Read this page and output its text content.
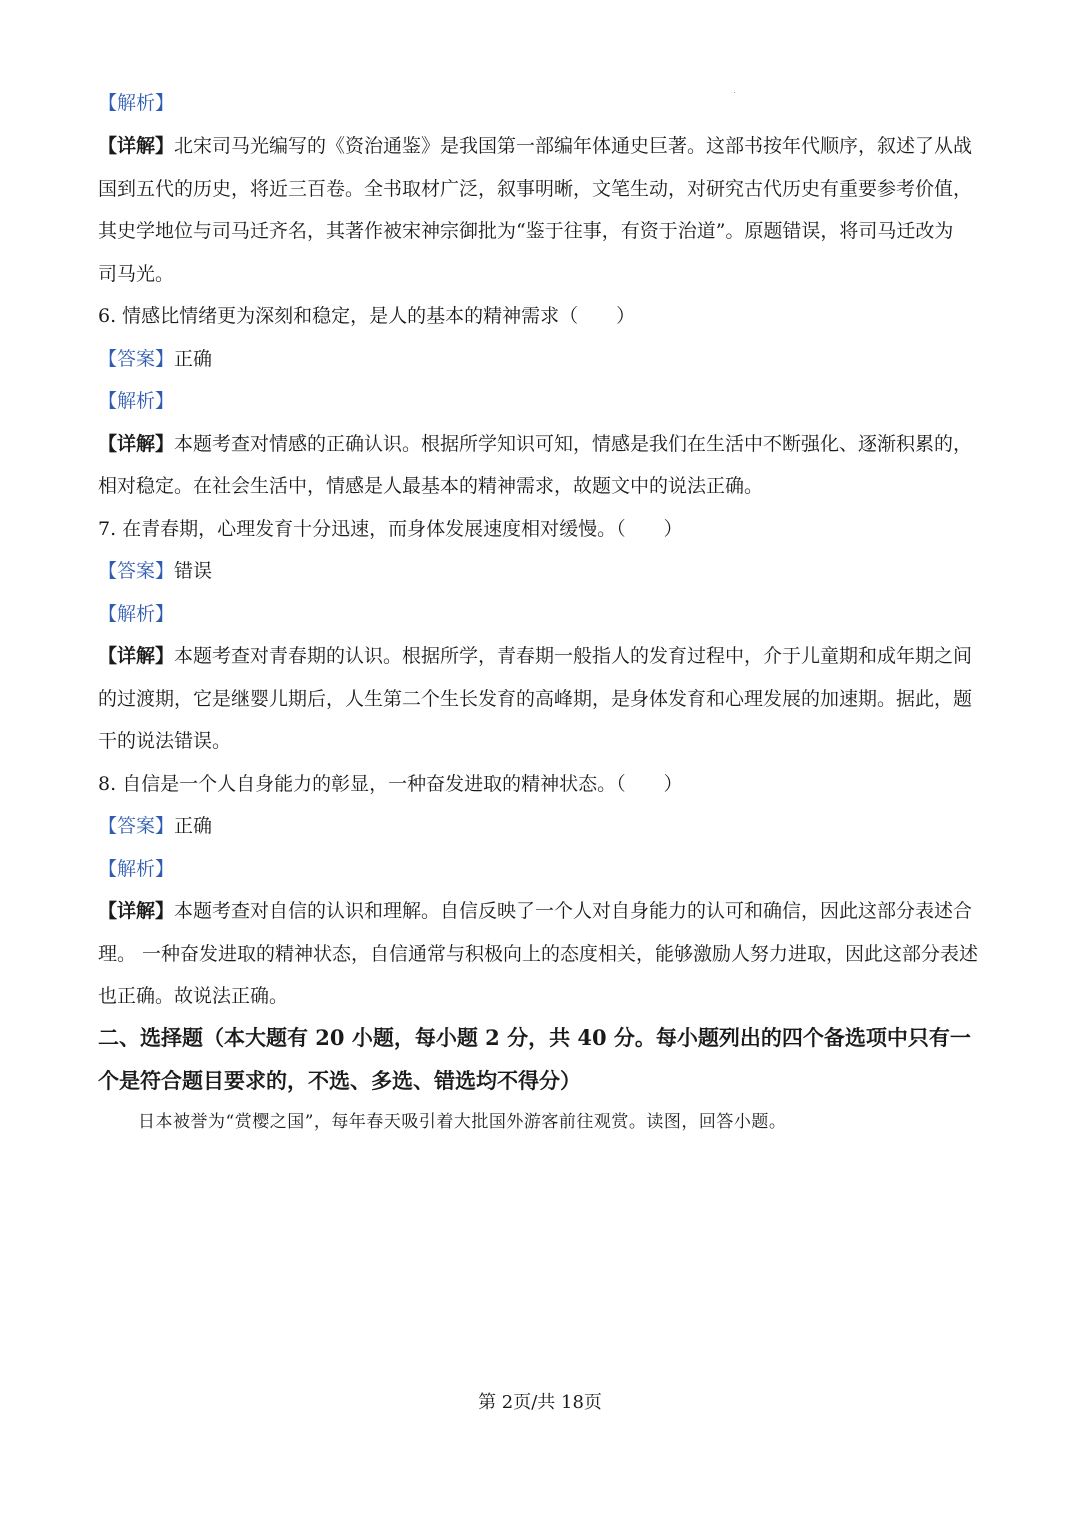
【解析】
【详解】北宋司马光编写的《资治通鉴》是我国第一部编年体通史巨著。这部书按年代顺序，叙述了从战
国到五代的历史，将近三百卷。全书取材广泛，叙事明晰，文笔生动，对研究古代历史有重要参考价值，
其史学地位与司马迁齐名，其著作被宋神宗御批为“鉴于往事，有资于治道”。原题错误，将司马迁改为
司马光。
6. 情感比情绪更为深刻和稳定，是人的基本的精神需求（　　）
【答案】正确
【解析】
【详解】本题考查对情感的正确认识。根据所学知识可知，情感是我们在生活中不断强化、逐渐积累的，
相对稳定。在社会生活中，情感是人最基本的精神需求，故题文中的说法正确。
7. 在青春期，心理发育十分迅速，而身体发展速度相对缓慢。（　　）
【答案】错误
【解析】
【详解】本题考查对青春期的认识。根据所学，青春期一般指人的发育过程中，介于儿童期和成年期之间
的过渡期，它是继婴儿期后，人生第二个生长发育的高峰期，是身体发育和心理发展的加速期。据此，题
干的说法错误。
8. 自信是一个人自身能力的彰显，一种奋发进取的精神状态。（　　）
【答案】正确
【解析】
【详解】本题考查对自信的认识和理解。自信反映了一个人对自身能力的认可和确信，因此这部分表述合
理。 一种奋发进取的精神状态，自信通常与积极向上的态度相关，能够激励人努力进取，因此这部分表述
也正确。故说法正确。
二、选择题（本大题有 20 小题，每小题 2 分，共 40 分。每小题列出的四个备选项中只有一
个是符合题目要求的，不选、多选、错选均不得分）
日本被誉为“赏樱之国”，每年春天吸引着大批国外游客前往观赏。读图，回答小题。
第 2页/共 18页
